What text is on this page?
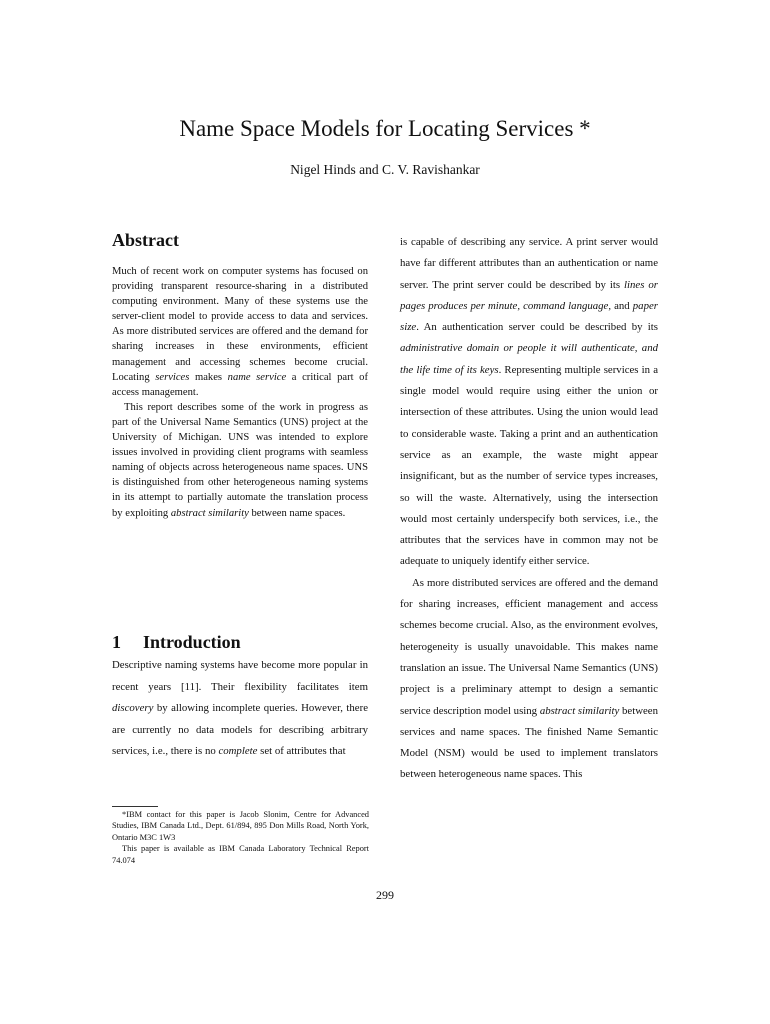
Name Space Models for Locating Services *
Nigel Hinds and C. V. Ravishankar
Abstract

Much of recent work on computer systems has focused on providing transparent resource-sharing in a distributed computing environment. Many of these systems use the server-client model to provide access to data and services. As more distributed services are offered and the demand for sharing increases in these environments, efficient management and accessing schemes become crucial. Locating services makes name service a critical part of access management.

This report describes some of the work in progress as part of the Universal Name Semantics (UNS) project at the University of Michigan. UNS was intended to explore issues involved in providing client programs with seamless naming of objects across heterogeneous name spaces. UNS is distinguished from other heterogeneous naming systems in its attempt to partially automate the translation process by exploiting abstract similarity between name spaces.

1 Introduction

Descriptive naming systems have become more popular in recent years [11]. Their flexibility facilitates item discovery by allowing incomplete queries. However, there are currently no data models for describing arbitrary services, i.e., there is no complete set of attributes that

*IBM contact for this paper is Jacob Slonim, Centre for Advanced Studies, IBM Canada Ltd., Dept. 61/894, 895 Don Mills Road, North York, Ontario M3C 1W3

This paper is available as IBM Canada Laboratory Technical Report 74.074

is capable of describing any service. A print server would have far different attributes than an authentication or name server. The print server could be described by its lines or pages produces per minute, command language, and paper size. An authentication server could be described by its administrative domain or people it will authenticate, and the life time of its keys. Representing multiple services in a single model would require using either the union or intersection of these attributes. Using the union would lead to considerable waste. Taking a print and an authentication service as an example, the waste might appear insignificant, but as the number of service types increases, so will the waste. Alternatively, using the intersection would most certainly underspecify both services, i.e., the attributes that the services have in common may not be adequate to uniquely identify either service.

As more distributed services are offered and the demand for sharing increases, efficient management and access schemes become crucial. Also, as the environment evolves, heterogeneity is usually unavoidable. This makes name translation an issue. The Universal Name Semantics (UNS) project is a preliminary attempt to design a semantic service description model using abstract similarity between services and name spaces. The finished Name Semantic Model (NSM) would be used to implement translators between heterogeneous name spaces. This

299
